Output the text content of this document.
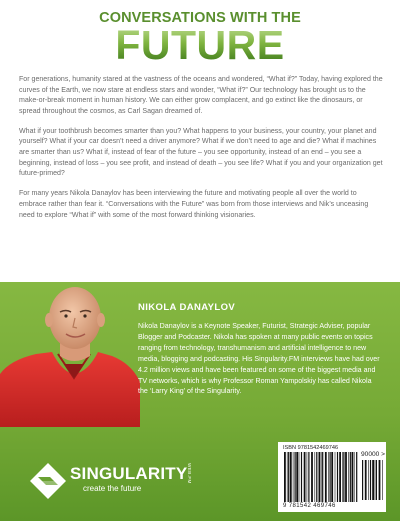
CONVERSATIONS WITH THE
FUTURE

For generations, humanity stared at the vastness of the oceans and wondered, “What if?” Today, having explored the curves of the Earth, we now stare at endless stars and wonder, “What if?” Our technology has brought us to the make-or-break moment in human history. We can either grow complacent, and go extinct like the dinosaurs, or spread throughout the cosmos, as Carl Sagan dreamed of.

What if your toothbrush becomes smarter than you? What happens to your business, your country, your planet and yourself? What if your car doesn’t need a driver anymore? What if we don’t need to age and die? What if machines are smarter than us? What if, instead of fear of the future – you see opportunity, instead of an end – you see a beginning, instead of loss – you see profit, and instead of death – you see life? What if you and your organization get future-primed?

For many years Nikola Danaylov has been interviewing the future and motivating people all over the world to embrace rather than fear it. “Conversations with the Future” was born from those interviews and Nik’s unceasing need to explore “What if” with some of the most forward thinking visionaries.

NIKOLA DANAYLOV
Nikola Danaylov is a Keynote Speaker, Futurist, Strategic Adviser, popular Blogger and Podcaster. Nikola has spoken at many public events on topics ranging from technology, transhumanism and artificial intelligence to new media, blogging and podcasting. His Singularity.FM interviews have had over 4.2 million views and have been featured on some of the biggest media and TV networks, which is why Professor Roman Yampolskiy has called Nikola the ‘Larry King’ of the Singularity.
SINGULARITY
create the future
WEB.FM
ISBN 9781542469746
90000 >
9 781542 469746
